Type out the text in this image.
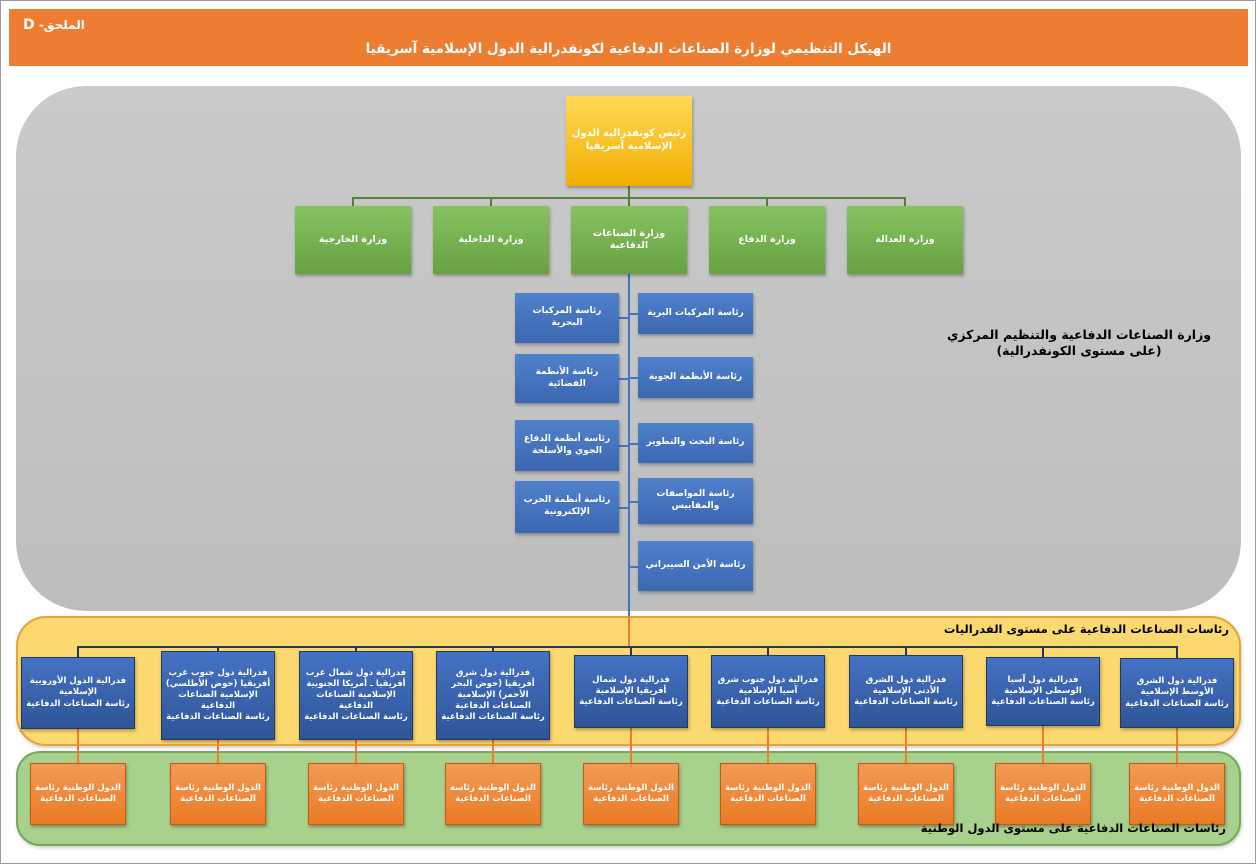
الملحق- D
الهيكل التنظيمي لوزارة الصناعات الدفاعية لكونفدرالية الدول الإسلامية آسريقيا
رئيس كونفدرالية الدول الإسلامية آسريقيا
وزارة الخارجية	وزارة الداخلية
وزارة الصناعات الدفاعية
وزارة الدفاع	وزارة العدالة
رئاسة المركبات البحرية
رئاسة الأنظمة الفضائية
رئاسة أنظمة الدفاع الجوي والأسلحة
رئاسة أنظمة الحرب الإلكترونية
رئاسة المركبات البرية
رئاسة الأنظمة الجوية
رئاسة البحث والتطوير
رئاسة المواصفات والمقاييس
رئاسة الأمن السيبراني
وزارة الصناعات الدفاعية والتنظيم المركزي
(على مستوى الكونفدرالية)
رئاسات الصناعات الدفاعية على مستوى الفدراليات
فدرالية الدول الأوروبية الإسلامية
رئاسة الصناعات الدفاعية
فدرالية دول جنوب غرب أفريقيا (حوض الأطلسي) الإسلامية الصناعات الدفاعية
رئاسة الصناعات الدفاعية
فدرالية دول شمال غرب أفريقيا ـ أمريكا الجنوبية الإسلامية الصناعات الدفاعية
رئاسة الصناعات الدفاعية
فدرالية دول شرق أفريقيا (حوض البحر الأحمر) الإسلامية الصناعات الدفاعية
رئاسة الصناعات الدفاعية
فدرالية دول شمال أفريقيا الإسلامية
رئاسة الصناعات الدفاعية
فدرالية دول جنوب شرق آسيا الإسلامية
رئاسة الصناعات الدفاعية
فدرالية دول الشرق الأدنى الإسلامية
رئاسة الصناعات الدفاعية
فدرالية دول آسيا الوسطى الإسلامية
رئاسة الصناعات الدفاعية
فدرالية دول الشرق الأوسط الإسلامية
رئاسة الصناعات الدفاعية
رئاسات الصناعات الدفاعية على مستوى الدول الوطنية
الدول الوطنية رئاسة الصناعات الدفاعية
الدول الوطنية رئاسة الصناعات الدفاعية
الدول الوطنية رئاسة الصناعات الدفاعية
الدول الوطنية رئاسة الصناعات الدفاعية
الدول الوطنية رئاسة الصناعات الدفاعية
الدول الوطنية رئاسة الصناعات الدفاعية
الدول الوطنية رئاسة الصناعات الدفاعية
الدول الوطنية رئاسة الصناعات الدفاعية
الدول الوطنية رئاسة الصناعات الدفاعية
